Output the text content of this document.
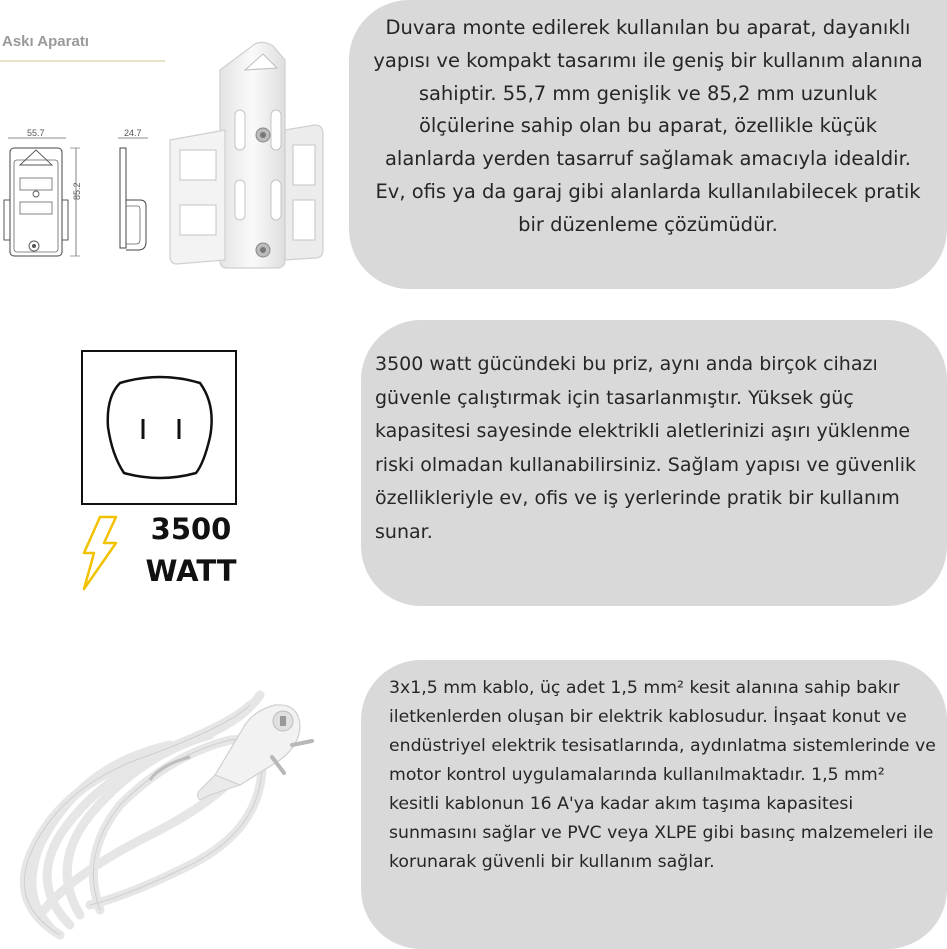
Askı Aparatı
55.7	24.7
85.2
Duvara monte edilerek kullanılan bu aparat, dayanıklı yapısı ve kompakt tasarımı ile geniş bir kullanım alanına sahiptir. 55,7 mm genişlik ve 85,2 mm uzunluk ölçülerine sahip olan bu aparat, özellikle küçük alanlarda yerden tasarruf sağlamak amacıyla idealdir. Ev, ofis ya da garaj gibi alanlarda kullanılabilecek pratik bir düzenleme çözümüdür.
3500
WATT
3500 watt gücündeki bu priz, aynı anda birçok cihazı güvenle çalıştırmak için tasarlanmıştır. Yüksek güç kapasitesi sayesinde elektrikli aletlerinizi aşırı yüklenme riski olmadan kullanabilirsiniz. Sağlam yapısı ve güvenlik özellikleriyle ev, ofis ve iş yerlerinde pratik bir kullanım sunar.
3x1,5 mm kablo, üç adet 1,5 mm² kesit alanına sahip bakır iletkenlerden oluşan bir elektrik kablosudur. İnşaat konut ve endüstriyel elektrik tesisatlarında, aydınlatma sistemlerinde ve motor kontrol uygulamalarında kullanılmaktadır. 1,5 mm² kesitli kablonun 16 A'ya kadar akım taşıma kapasitesi sunmasını sağlar ve PVC veya XLPE gibi basınç malzemeleri ile korunarak güvenli bir kullanım sağlar.
